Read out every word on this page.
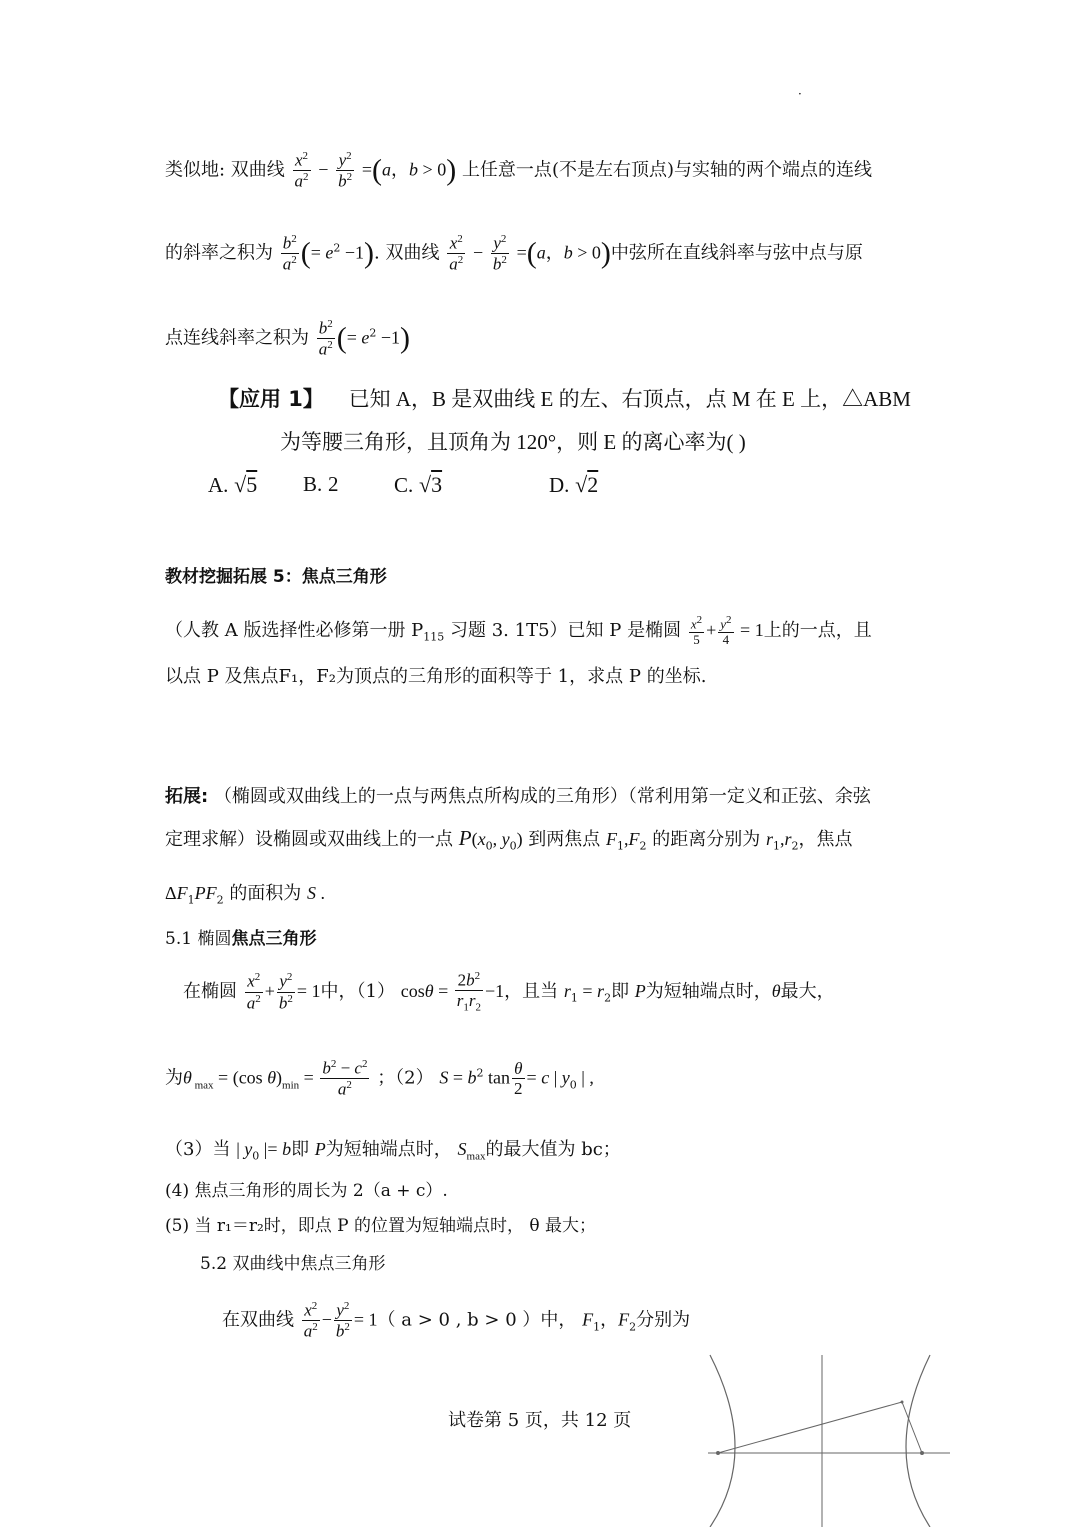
·
类似地: 双曲线 $\frac{x^2}{a^2} - \frac{y^2}{b^2} =(a$，b > 0) 上任意一点(不是左右顶点)与实轴的两个端点的连线
的斜率之积为 $\frac{b^2}{a^2}$ (= $e^2 -1$). 双曲线 $\frac{x^2}{a^2} - \frac{y^2}{b^2} =(a$，b > 0)中弦所在直线斜率与弦中点与原
点连线斜率之积为 $\frac{b^2}{a^2}$ (= $e^2 -1$)
【应用 1】 已知 A，B 是双曲线 E 的左、右顶点，点 M 在 E 上，△ABM
为等腰三角形，且顶角为 120°，则 E 的离心率为( )
A. √5 B. 2	C. √3	D. √2
教材挖掘拓展 5：焦点三角形
（人教 A 版选择性必修第一册 $P_{115}$ 习题 3. 1T5）已知 P 是椭圆 $\frac{x^2}{5} + \frac{y^2}{4} = 1$上的一点，且
以点 P 及焦点F₁，F₂为顶点的三角形的面积等于 1，求点 P 的坐标.
拓展: （椭圆或双曲线上的一点与两焦点所构成的三角形）（常利用第一定义和正弦、余弦
定理求解）设椭圆或双曲线上的一点 $P(x_0$, $y_0$) 到两焦点 $F_1,F_2$ 的距离分别为 $r_1,r_2$，焦点
$\Delta F_1PF_2$ 的面积为 S .
5.1 椭圆焦点三角形
在椭圆 $\frac{x^2}{a^2} + \frac{y^2}{b^2} = 1$中，（1） $\cos\theta = \frac{2b^2}{r_1r_2} -1$，且当 $r_1 = r_2$即 P为短轴端点时，θ最大，
为θ $_{max}$ = (cos $\theta)_{min} = \frac{b^2 - c^2}{a^2}$ ；（2） $S = b^2$ $\tan \frac{\theta}{2} = c$ | $y_0$ | ,
（3）当 | $y_0$ |= b即 P为短轴端点时， $S_{max}$的最大值为 bc；
(4) 焦点三角形的周长为 2（a + c）.
(5) 当 r₁＝r₂时，即点 P 的位置为短轴端点时， θ 最大；
5.2 双曲线中焦点三角形
在双曲线 $\frac{x^2}{a^2} - \frac{y^2}{b^2} = 1$（ a > 0 , b > 0 ）中， $F_1$，$F_2$分别为
试卷第 5 页，共 12 页
